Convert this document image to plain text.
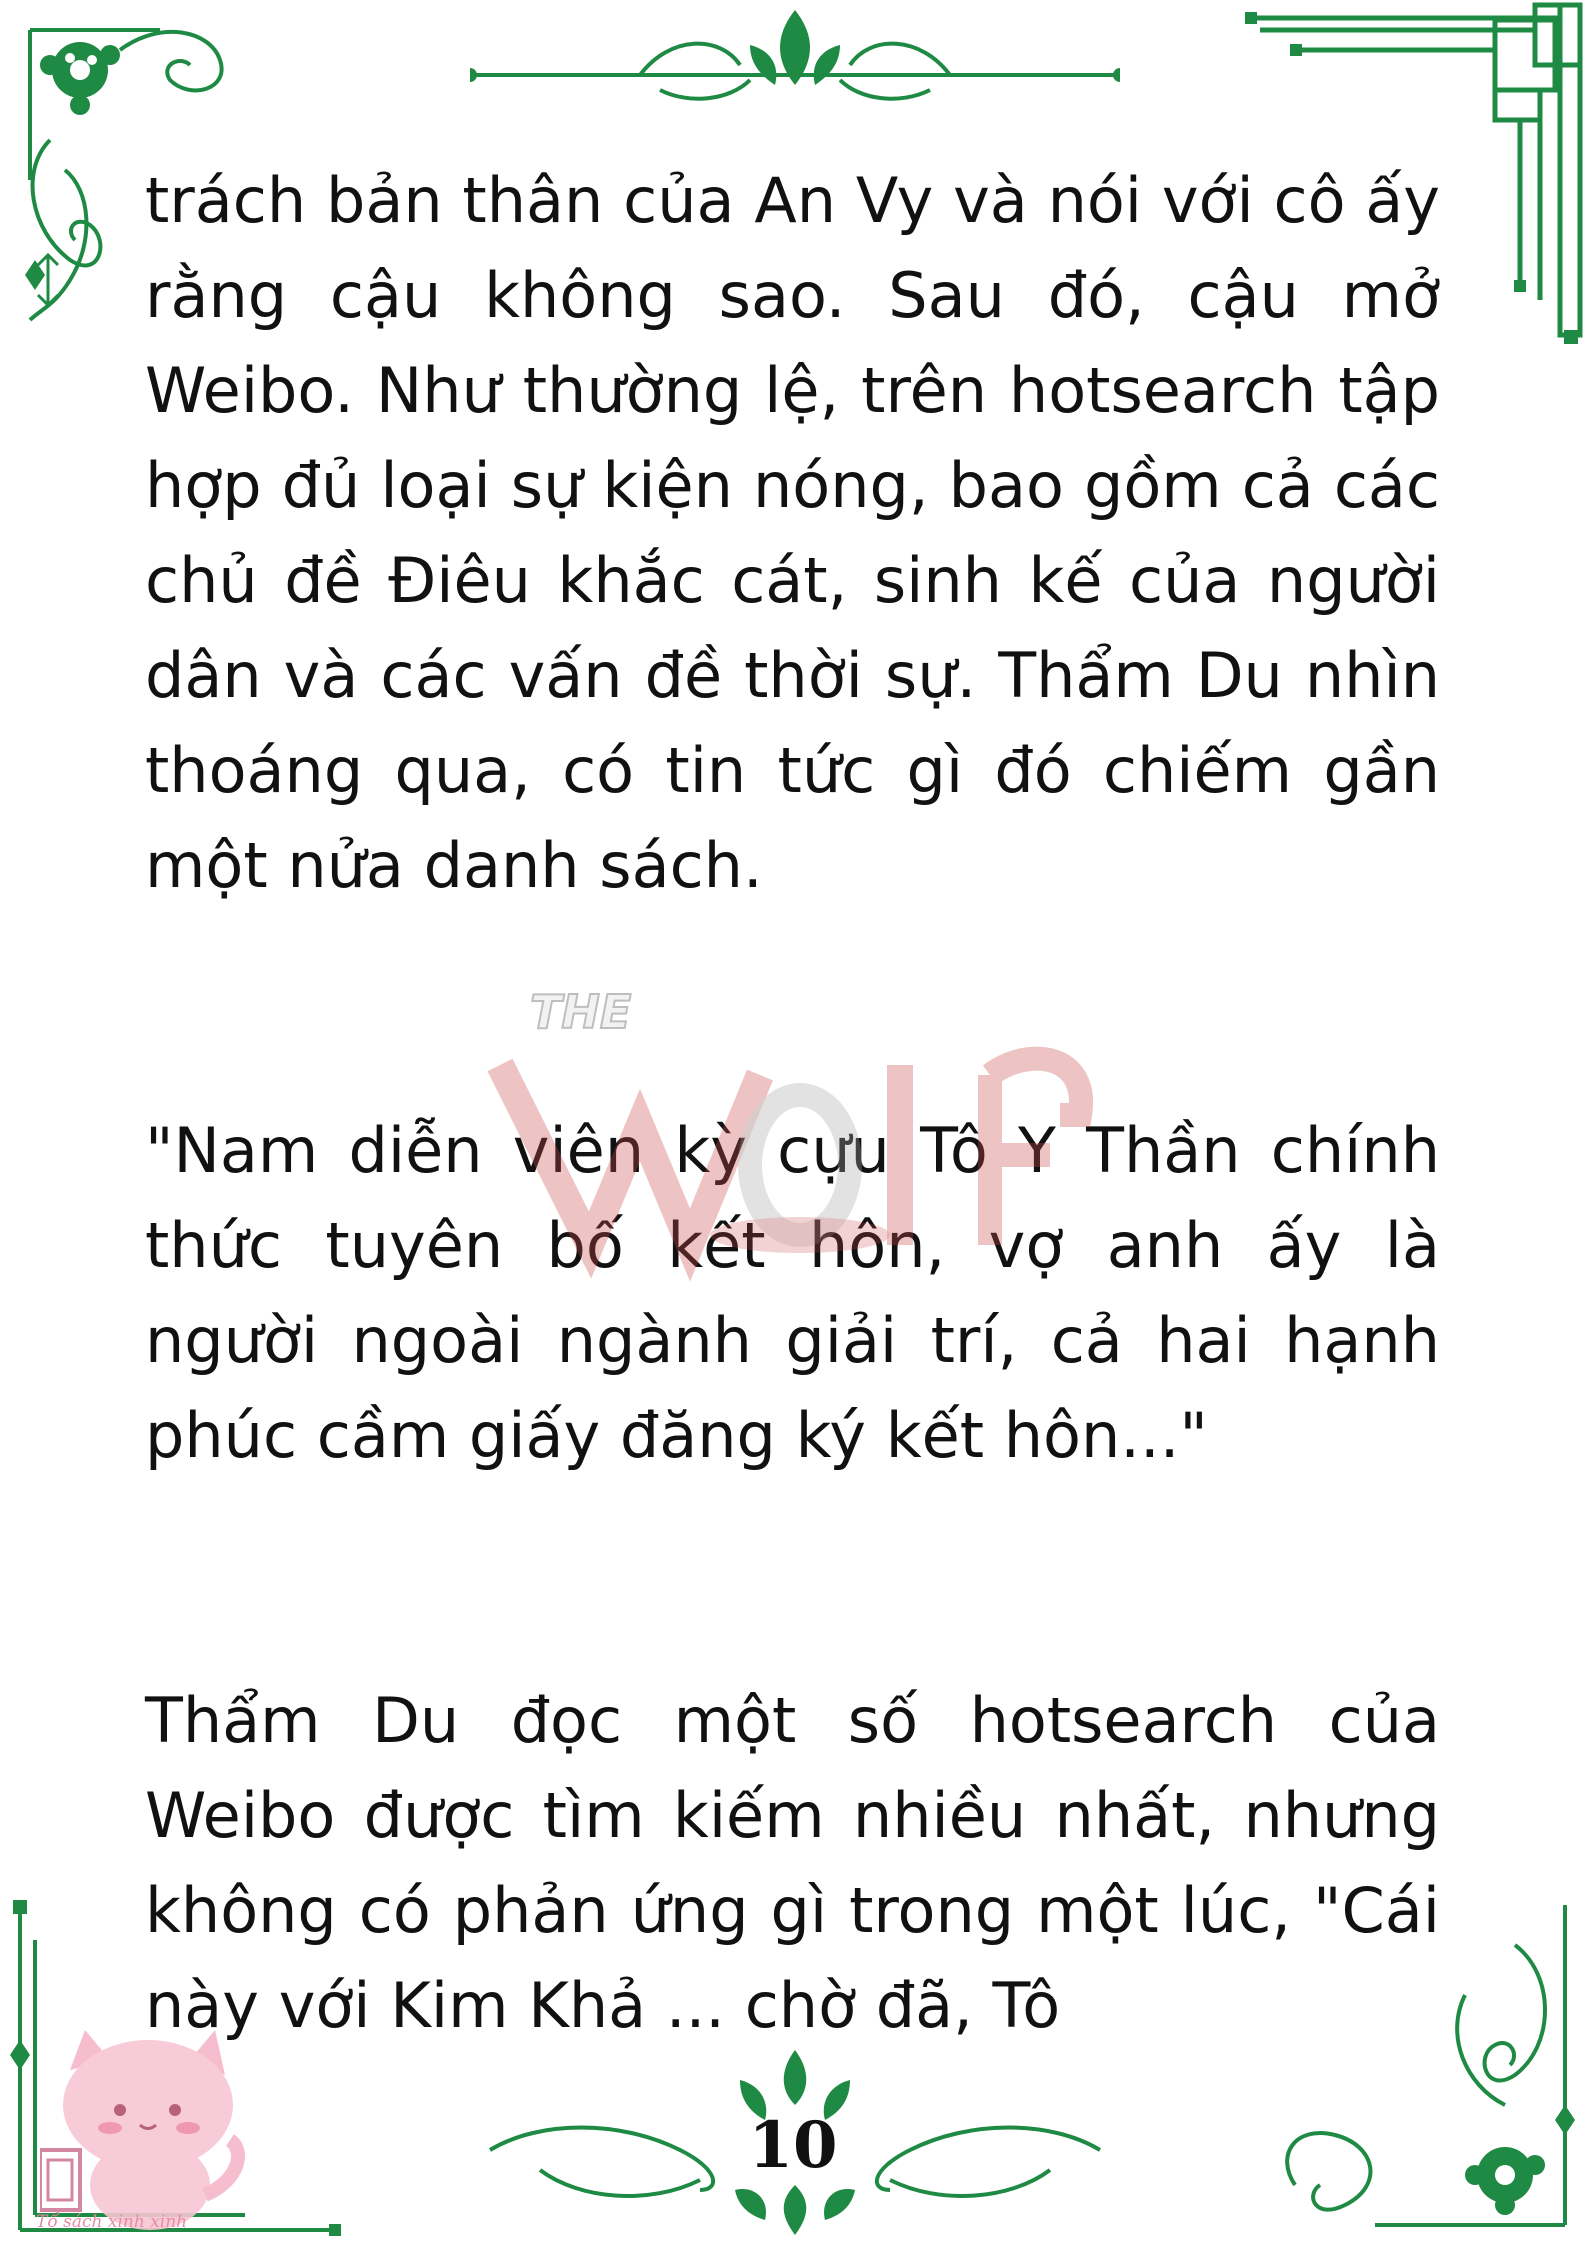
trách bản thân của An Vy và nói với cô ấy rằng cậu không sao. Sau đó, cậu mở Weibo. Như thường lệ, trên hotsearch tập hợp đủ loại sự kiện nóng, bao gồm cả các chủ đề Điêu khắc cát, sinh kế của người dân và các vấn đề thời sự. Thẩm Du nhìn thoáng qua, có tin tức gì đó chiếm gần một nửa danh sách.

"Nam diễn viên kỳ cựu Tô Y Thần chính thức tuyên bố kết hôn, vợ anh ấy là người ngoài ngành giải trí, cả hai hạnh phúc cầm giấy đăng ký kết hôn..."

Thẩm Du đọc một số hotsearch của Weibo được tìm kiếm nhiều nhất, nhưng không có phản ứng gì trong một lúc, "Cái này với Kim Khả ... chờ đã, Tô

THE
Tổ sách xinh xinh
10
